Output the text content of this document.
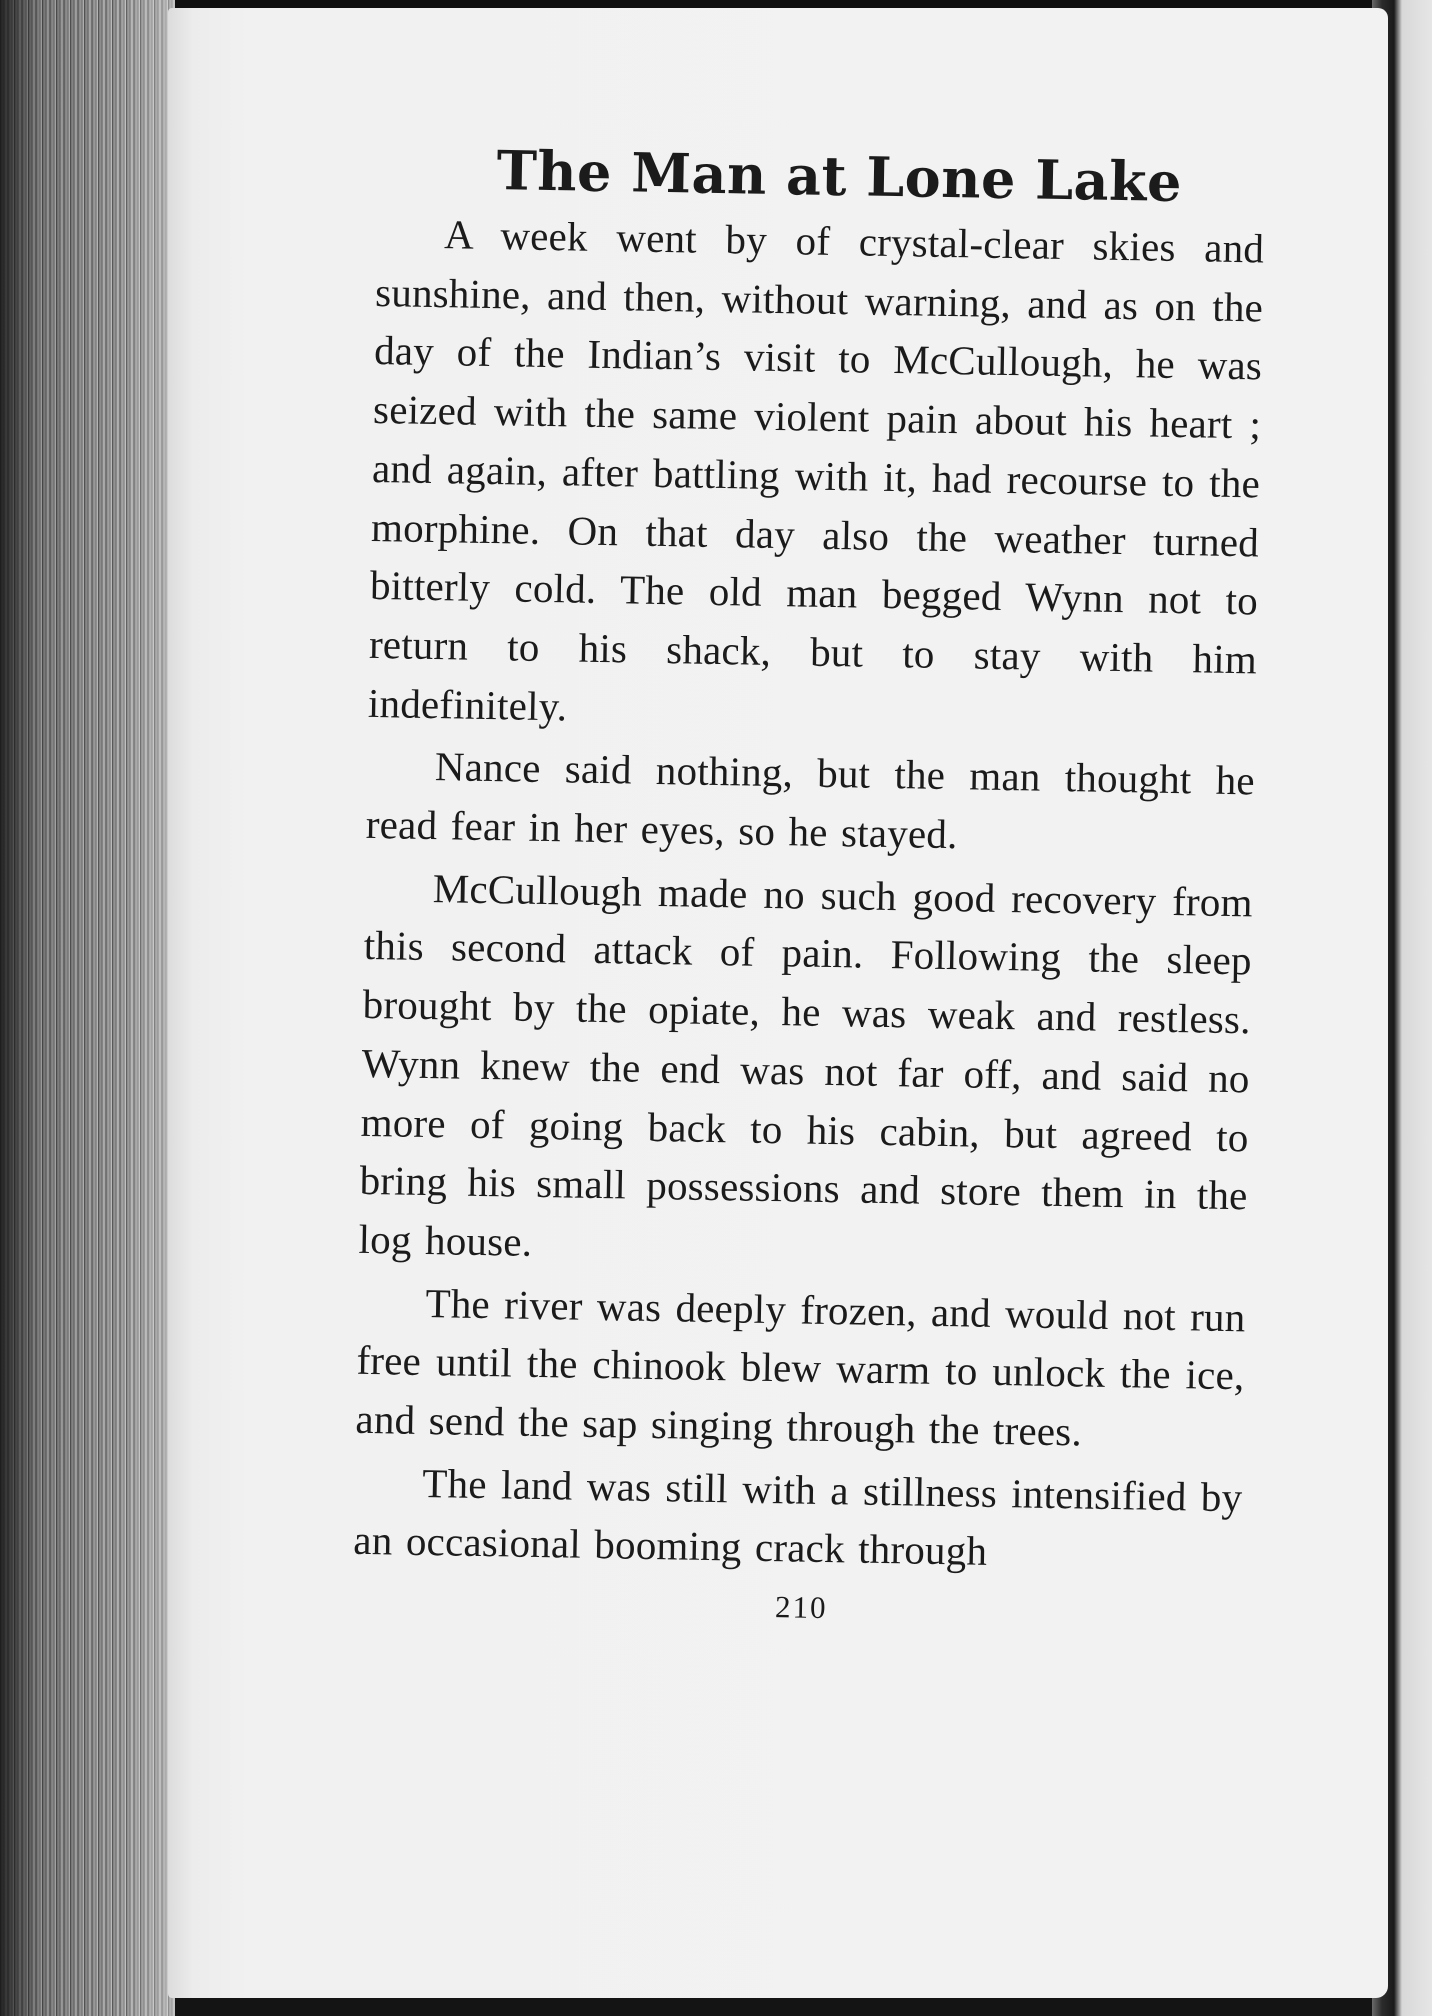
The Man at Lone Lake

A week went by of crystal-clear skies and sunshine, and then, without warning, and as on the day of the Indian’s visit to McCullough, he was seized with the same violent pain about his heart ; and again, after battling with it, had recourse to the morphine. On that day also the weather turned bitterly cold. The old man begged Wynn not to return to his shack, but to stay with him indefinitely.

Nance said nothing, but the man thought he read fear in her eyes, so he stayed.

McCullough made no such good recovery from this second attack of pain. Following the sleep brought by the opiate, he was weak and restless. Wynn knew the end was not far off, and said no more of going back to his cabin, but agreed to bring his small possessions and store them in the log house.

The river was deeply frozen, and would not run free until the chinook blew warm to unlock the ice, and send the sap singing through the trees.

The land was still with a stillness intensified by an occasional booming crack through

210
